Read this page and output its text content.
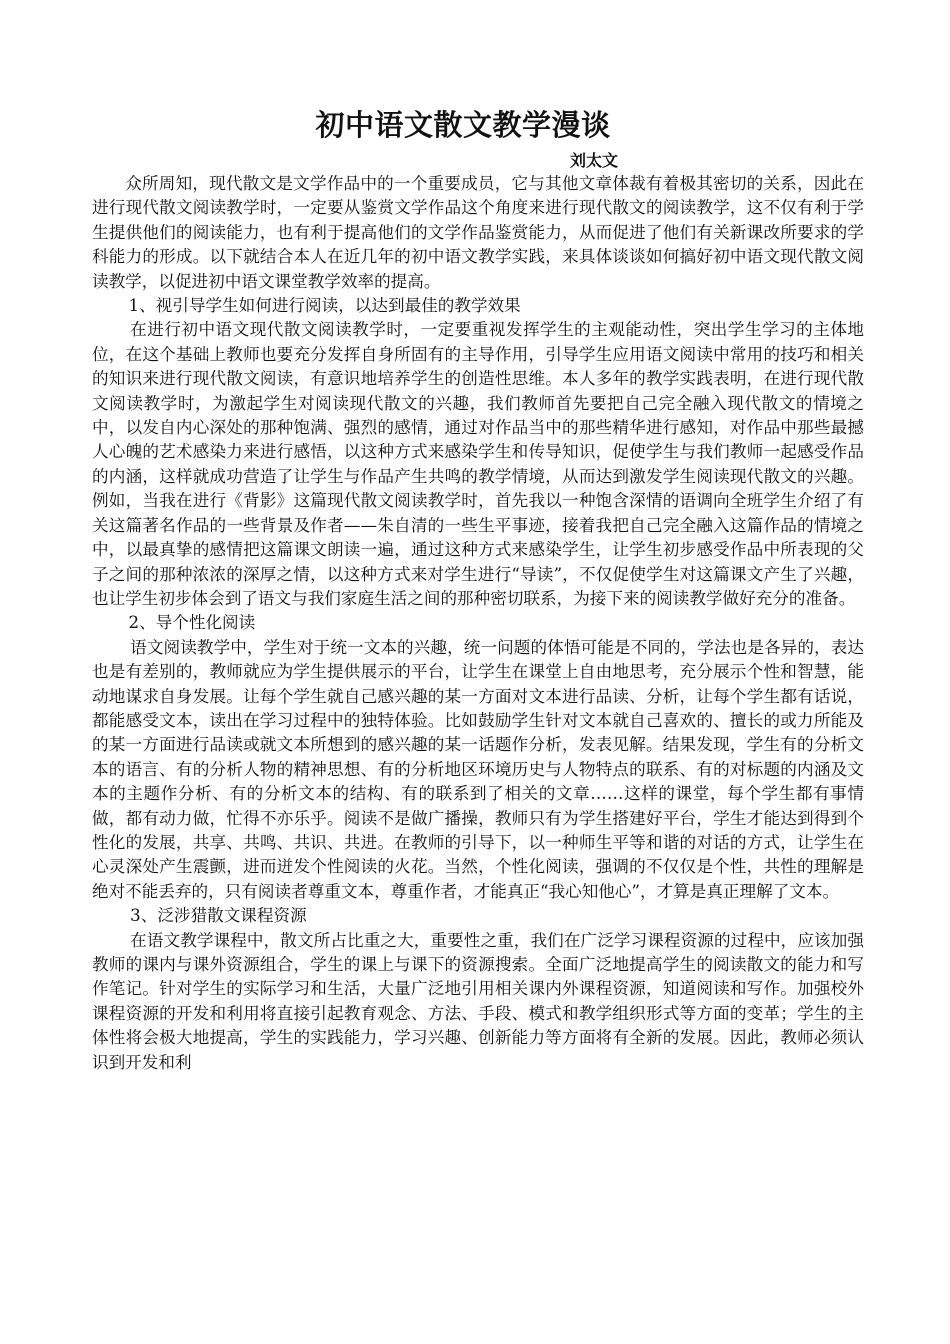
初中语文散文教学漫谈

刘太文

众所周知，现代散文是文学作品中的一个重要成员，它与其他文章体裁有着极其密切的关系，因此在进行现代散文阅读教学时，一定要从鉴赏文学作品这个角度来进行现代散文的阅读教学，这不仅有利于学生提供他们的阅读能力，也有利于提高他们的文学作品鉴赏能力，从而促进了他们有关新课改所要求的学科能力的形成。以下就结合本人在近几年的初中语文教学实践，来具体谈谈如何搞好初中语文现代散文阅读教学，以促进初中语文课堂教学效率的提高。

1、视引导学生如何进行阅读，以达到最佳的教学效果

在进行初中语文现代散文阅读教学时，一定要重视发挥学生的主观能动性，突出学生学习的主体地位，在这个基础上教师也要充分发挥自身所固有的主导作用，引导学生应用语文阅读中常用的技巧和相关的知识来进行现代散文阅读，有意识地培养学生的创造性思维。本人多年的教学实践表明，在进行现代散文阅读教学时，为激起学生对阅读现代散文的兴趣，我们教师首先要把自己完全融入现代散文的情境之中，以发自内心深处的那种饱满、强烈的感情，通过对作品当中的那些精华进行感知，对作品中那些最撼人心魄的艺术感染力来进行感悟，以这种方式来感染学生和传导知识，促使学生与我们教师一起感受作品的内涵，这样就成功营造了让学生与作品产生共鸣的教学情境，从而达到激发学生阅读现代散文的兴趣。例如，当我在进行《背影》这篇现代散文阅读教学时，首先我以一种饱含深情的语调向全班学生介绍了有关这篇著名作品的一些背景及作者——朱自清的一些生平事迹，接着我把自己完全融入这篇作品的情境之中，以最真挚的感情把这篇课文朗读一遍，通过这种方式来感染学生，让学生初步感受作品中所表现的父子之间的那种浓浓的深厚之情，以这种方式来对学生进行“导读”，不仅促使学生对这篇课文产生了兴趣，也让学生初步体会到了语文与我们家庭生活之间的那种密切联系，为接下来的阅读教学做好充分的准备。

2、导个性化阅读

语文阅读教学中，学生对于统一文本的兴趣，统一问题的体悟可能是不同的，学法也是各异的，表达也是有差别的，教师就应为学生提供展示的平台，让学生在课堂上自由地思考，充分展示个性和智慧，能动地谋求自身发展。让每个学生就自己感兴趣的某一方面对文本进行品读、分析，让每个学生都有话说，都能感受文本，读出在学习过程中的独特体验。比如鼓励学生针对文本就自己喜欢的、擅长的或力所能及的某一方面进行品读或就文本所想到的感兴趣的某一话题作分析，发表见解。结果发现，学生有的分析文本的语言、有的分析人物的精神思想、有的分析地区环境历史与人物特点的联系、有的对标题的内涵及文本的主题作分析、有的分析文本的结构、有的联系到了相关的文章……这样的课堂，每个学生都有事情做，都有动力做，忙得不亦乐乎。阅读不是做广播操，教师只有为学生搭建好平台，学生才能达到得到个性化的发展，共享、共鸣、共识、共进。在教师的引导下，以一种师生平等和谐的对话的方式，让学生在心灵深处产生震颤，进而迸发个性阅读的火花。当然，个性化阅读，强调的不仅仅是个性，共性的理解是绝对不能丢弃的，只有阅读者尊重文本，尊重作者，才能真正“我心知他心”，才算是真正理解了文本。

3、泛涉猎散文课程资源

在语文教学课程中，散文所占比重之大，重要性之重，我们在广泛学习课程资源的过程中，应该加强教师的课内与课外资源组合，学生的课上与课下的资源搜索。全面广泛地提高学生的阅读散文的能力和写作笔记。针对学生的实际学习和生活，大量广泛地引用相关课内外课程资源，知道阅读和写作。加强校外课程资源的开发和利用将直接引起教育观念、方法、手段、模式和教学组织形式等方面的变革；学生的主体性将会极大地提高，学生的实践能力，学习兴趣、创新能力等方面将有全新的发展。因此，教师必须认识到开发和利
